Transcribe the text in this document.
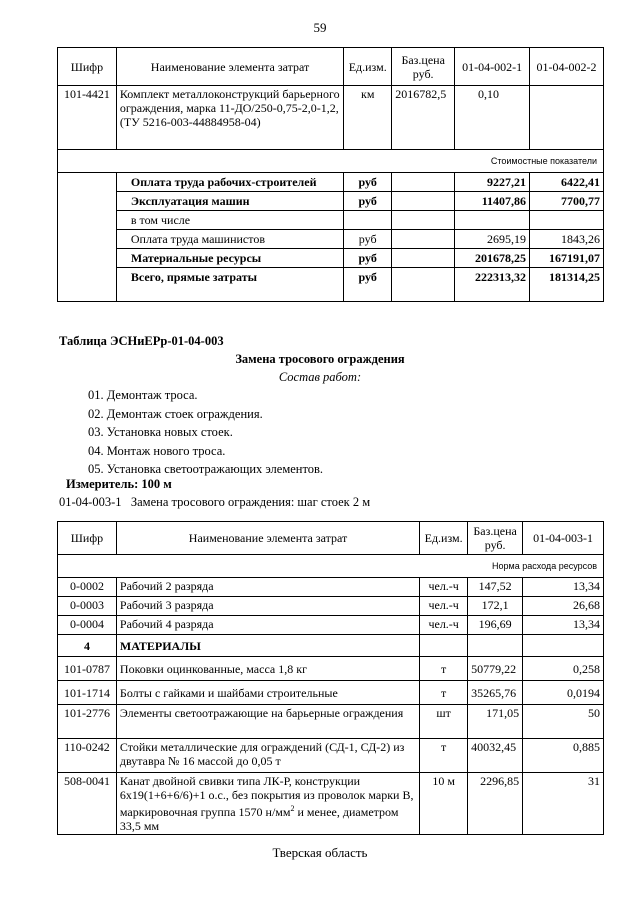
59
Шифр	Наименование элемента затрат	Ед.изм.	Баз.цена руб.	01-04-002-1	01-04-002-2
101-4421	Комплект металлоконструкций барьерного ограждения, марка 11-ДО/250-0,75-2,0-1,2, (ТУ 5216-003-44884958-04)	км	2016782,5	0,10	
Стоимостные показатели					
	Оплата труда рабочих-строителей	руб		9227,21	6422,41
	Эксплуатация машин	руб		11407,86	7700,77
	в том числе				
	Оплата труда машинистов	руб		2695,19	1843,26
	Материальные ресурсы	руб		201678,25	167191,07
	Всего, прямые затраты	руб		222313,32	181314,25
Таблица ЭСНиЕРр-01-04-003
Замена тросового ограждения
Состав работ:
01. Демонтаж троса.
02. Демонтаж стоек ограждения.
03. Установка новых стоек.
04. Монтаж нового троса.
05. Установка светоотражающих элементов.
Измеритель: 100 м
01-04-003-1   Замена тросового ограждения: шаг стоек 2 м
Шифр	Наименование элемента затрат	Ед.изм.	Баз.цена руб.	01-04-003-1
Норма расхода ресурсов				
0-0002	Рабочий 2 разряда	чел.-ч	147,52	13,34
0-0003	Рабочий 3 разряда	чел.-ч	172,1	26,68
0-0004	Рабочий 4 разряда	чел.-ч	196,69	13,34
4	МАТЕРИАЛЫ			
101-0787	Поковки оцинкованные, масса 1,8 кг	т	50779,22	0,258
101-1714	Болты с гайками и шайбами строительные	т	35265,76	0,0194
101-2776	Элементы светоотражающие на барьерные ограждения	шт	171,05	50
110-0242	Стойки металлические для ограждений (СД-1, СД-2) из двутавра № 16 массой до 0,05 т	т	40032,45	0,885
508-0041	Канат двойной свивки типа ЛК-Р, конструкции 6х19(1+6+6/6)+1 о.с., без покрытия из проволок марки В, маркировочная группа 1570 $н/мм^2$ и менее, диаметром 33,5 мм	10 м	2296,85	31
Тверская область
